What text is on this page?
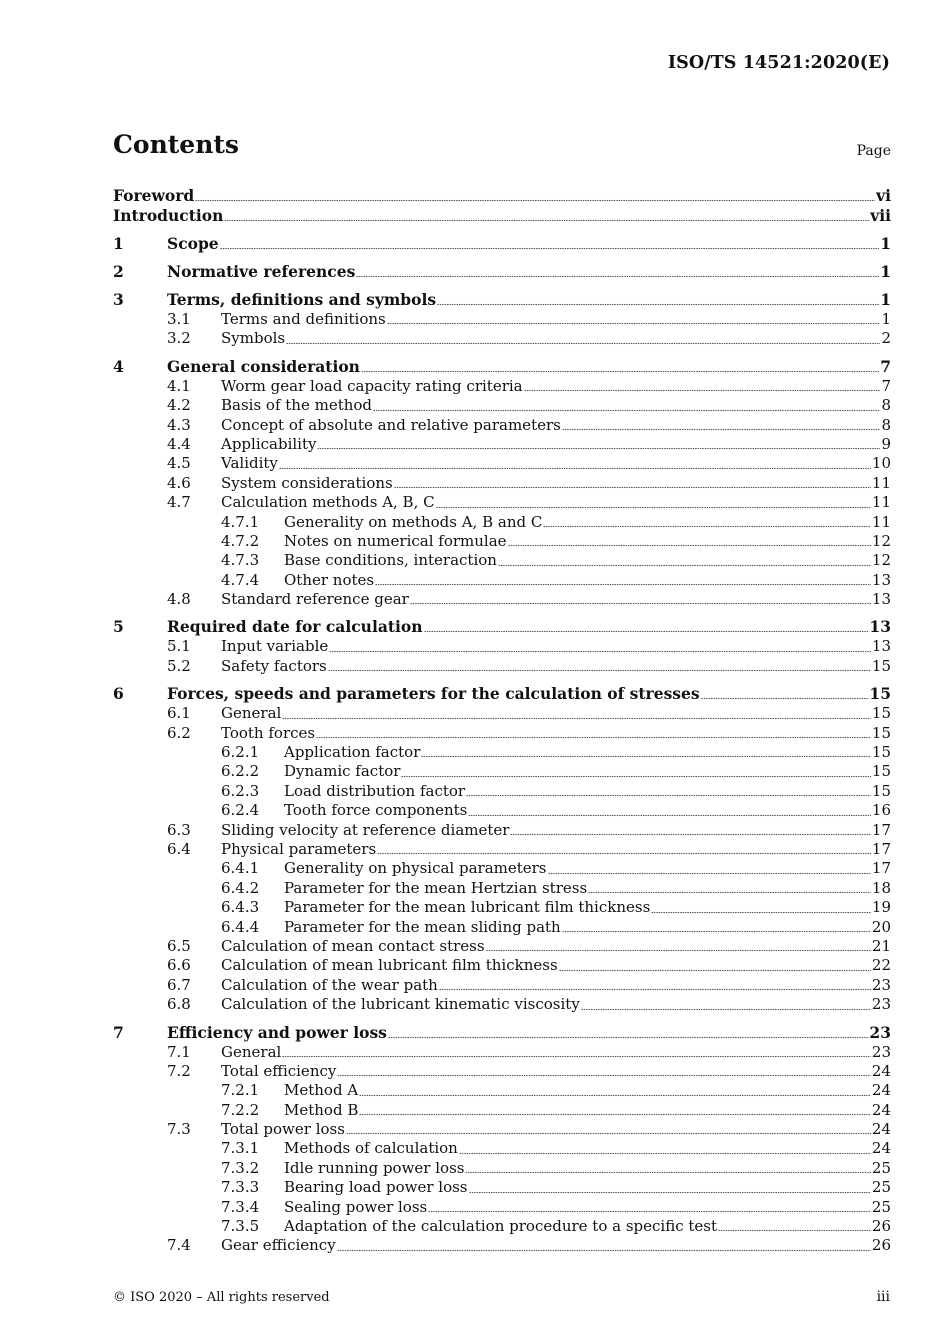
ISO/TS 14521:2020(E)
Contents	Page
Foreword	vi
Introduction	vii
1	Scope	1
2	Normative references	1
3	Terms, definitions and symbols	1
3.1	Terms and definitions	1
3.2	Symbols	2
4	General consideration	7
4.1	Worm gear load capacity rating criteria	7
4.2	Basis of the method	8
4.3	Concept of absolute and relative parameters	8
4.4	Applicability	9
4.5	Validity	10
4.6	System considerations	11
4.7	Calculation methods A, B, C	11
4.7.1	Generality on methods A, B and C	11
4.7.2	Notes on numerical formulae	12
4.7.3	Base conditions, interaction	12
4.7.4	Other notes	13
4.8	Standard reference gear	13
5	Required date for calculation	13
5.1	Input variable	13
5.2	Safety factors	15
6	Forces, speeds and parameters for the calculation of stresses	15
6.1	General	15
6.2	Tooth forces	15
6.2.1	Application factor	15
6.2.2	Dynamic factor	15
6.2.3	Load distribution factor	15
6.2.4	Tooth force components	16
6.3	Sliding velocity at reference diameter	17
6.4	Physical parameters	17
6.4.1	Generality on physical parameters	17
6.4.2	Parameter for the mean Hertzian stress	18
6.4.3	Parameter for the mean lubricant film thickness	19
6.4.4	Parameter for the mean sliding path	20
6.5	Calculation of mean contact stress	21
6.6	Calculation of mean lubricant film thickness	22
6.7	Calculation of the wear path	23
6.8	Calculation of the lubricant kinematic viscosity	23
7	Efficiency and power loss	23
7.1	General	23
7.2	Total efficiency	24
7.2.1	Method A	24
7.2.2	Method B	24
7.3	Total power loss	24
7.3.1	Methods of calculation	24
7.3.2	Idle running power loss	25
7.3.3	Bearing load power loss	25
7.3.4	Sealing power loss	25
7.3.5	Adaptation of the calculation procedure to a specific test	26
7.4	Gear efficiency	26
© ISO 2020 – All rights reserved	iii
